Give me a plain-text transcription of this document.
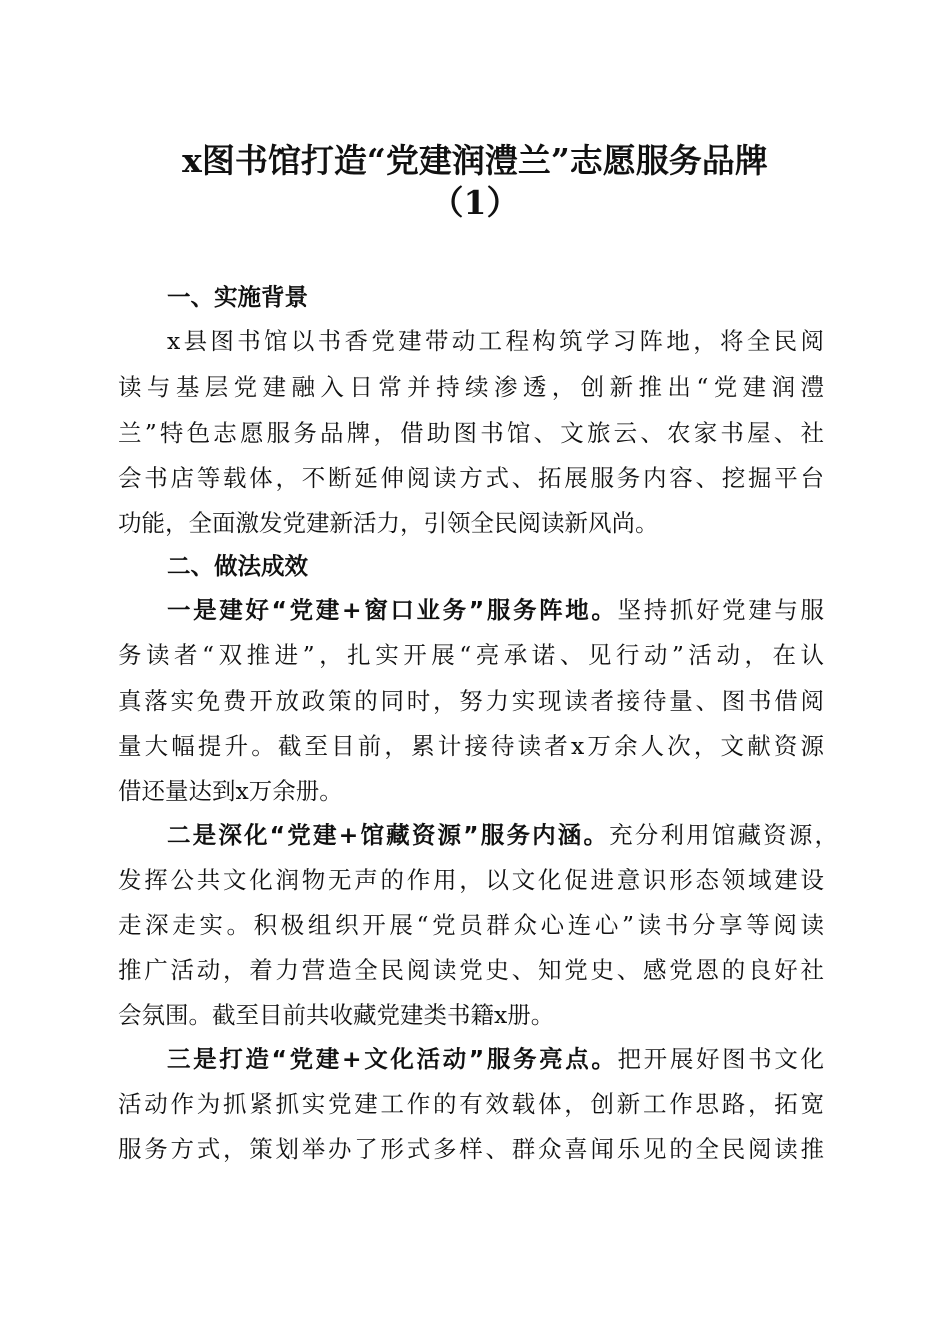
x图书馆打造“党建润澧兰”志愿服务品牌
（1）
一、实施背景
x县图书馆以书香党建带动工程构筑学习阵地，将全民阅
读与基层党建融入日常并持续渗透，创新推出“党建润澧
兰”特色志愿服务品牌，借助图书馆、文旅云、农家书屋、社
会书店等载体，不断延伸阅读方式、拓展服务内容、挖掘平台
功能，全面激发党建新活力，引领全民阅读新风尚。
二、做法成效
一是建好“党建+窗口业务”服务阵地。坚持抓好党建与服
务读者“双推进”，扎实开展“亮承诺、见行动”活动，在认
真落实免费开放政策的同时，努力实现读者接待量、图书借阅
量大幅提升。截至目前，累计接待读者x万余人次，文献资源
借还量达到x万余册。
二是深化“党建+馆藏资源”服务内涵。充分利用馆藏资源，
发挥公共文化润物无声的作用，以文化促进意识形态领域建设
走深走实。积极组织开展“党员群众心连心”读书分享等阅读
推广活动，着力营造全民阅读党史、知党史、感党恩的良好社
会氛围。截至目前共收藏党建类书籍x册。
三是打造“党建+文化活动”服务亮点。把开展好图书文化
活动作为抓紧抓实党建工作的有效载体，创新工作思路，拓宽
服务方式，策划举办了形式多样、群众喜闻乐见的全民阅读推
